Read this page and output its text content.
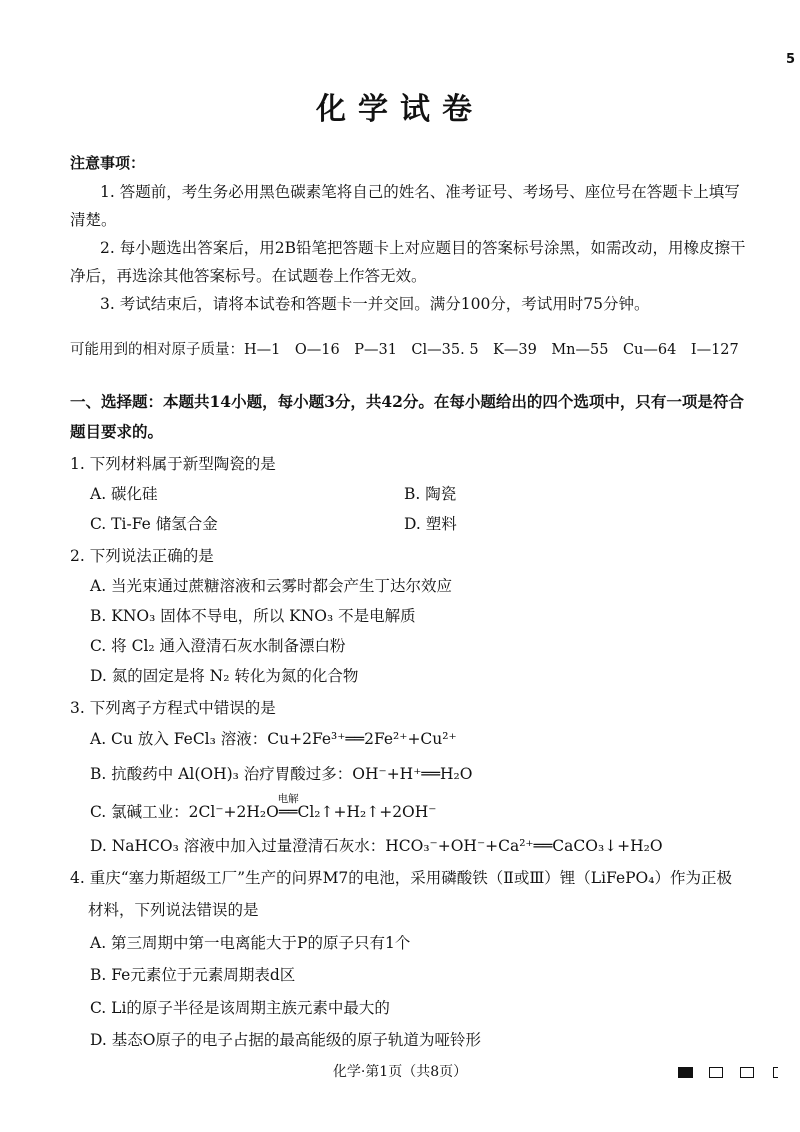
5
化学试卷
注意事项：
1. 答题前，考生务必用黑色碳素笔将自己的姓名、准考证号、考场号、座位号在答题卡上填写
清楚。
2. 每小题选出答案后，用2B铅笔把答题卡上对应题目的答案标号涂黑，如需改动，用橡皮擦干
净后，再选涂其他答案标号。在试题卷上作答无效。
3. 考试结束后，请将本试卷和答题卡一并交回。满分100分，考试用时75分钟。
可能用到的相对原子质量：H—1　O—16　P—31　Cl—35. 5　K—39　Mn—55　Cu—64　I—127
一、选择题：本题共14小题，每小题3分，共42分。在每小题给出的四个选项中，只有一项是符合
题目要求的。
1. 下列材料属于新型陶瓷的是
A. 碳化硅	B. 陶瓷
C. Ti-Fe 储氢合金	D. 塑料
2. 下列说法正确的是
A. 当光束通过蔗糖溶液和云雾时都会产生丁达尔效应
B. KNO₃ 固体不导电，所以 KNO₃ 不是电解质
C. 将 Cl₂ 通入澄清石灰水制备漂白粉
D. 氮的固定是将 N₂ 转化为氮的化合物
3. 下列离子方程式中错误的是
A. Cu 放入 FeCl₃ 溶液：Cu+2Fe³⁺══2Fe²⁺+Cu²⁺
B. 抗酸药中 Al(OH)₃ 治疗胃酸过多：OH⁻+H⁺══H₂O
C. 氯碱工业：2Cl⁻+2H₂O
电解
══Cl₂↑+H₂↑+2OH⁻
D. NaHCO₃ 溶液中加入过量澄清石灰水：HCO₃⁻+OH⁻+Ca²⁺══CaCO₃↓+H₂O
4. 重庆“塞力斯超级工厂”生产的问界M7的电池，采用磷酸铁（Ⅱ或Ⅲ）锂（LiFePO₄）作为正极
材料，下列说法错误的是
A. 第三周期中第一电离能大于P的原子只有1个
B. Fe元素位于元素周期表d区
C. Li的原子半径是该周期主族元素中最大的
D. 基态O原子的电子占据的最高能级的原子轨道为哑铃形
化学·第1页（共8页）
